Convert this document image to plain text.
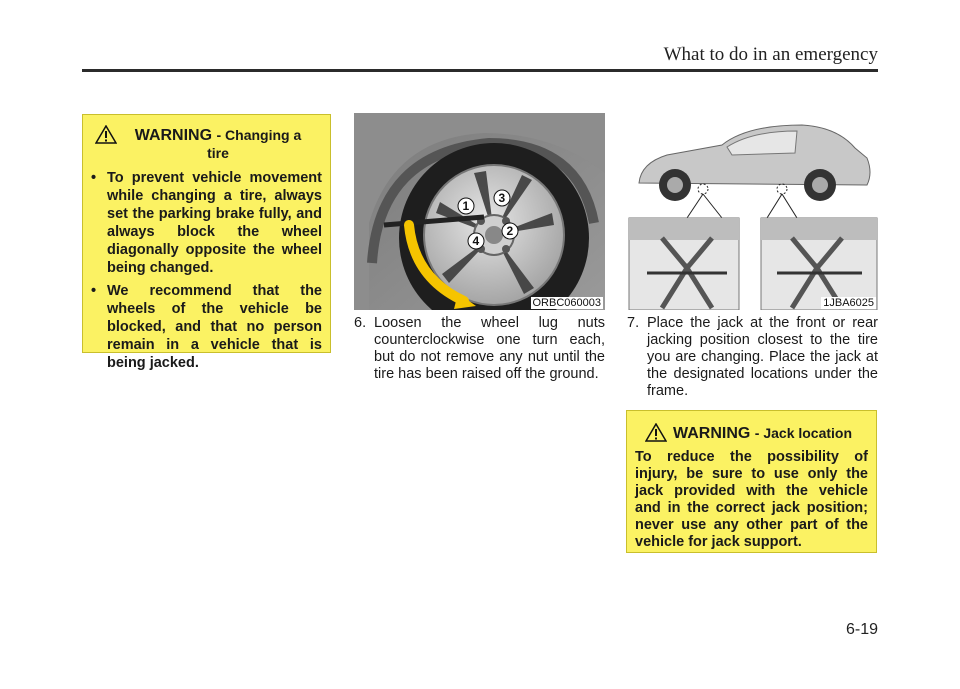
What to do in an emergency
WARNING - Changing a tire
• To prevent vehicle movement while changing a tire, always set the parking brake fully, and always block the wheel diagonally opposite the wheel being changed.
• We recommend that the wheels of the vehicle be blocked, and that no person remain in a vehicle that is being jacked.
1
2
3
4
ORBC060003	1JBA6025
6. Loosen the wheel lug nuts counterclockwise one turn each, but do not remove any nut until the tire has been raised off the ground.
7. Place the jack at the front or rear jacking position closest to the tire you are changing. Place the jack at the designated locations under the frame.
WARNING - Jack location
To reduce the possibility of injury, be sure to use only the jack provided with the vehicle and in the correct jack position; never use any other part of the vehicle for jack support.
6-19
